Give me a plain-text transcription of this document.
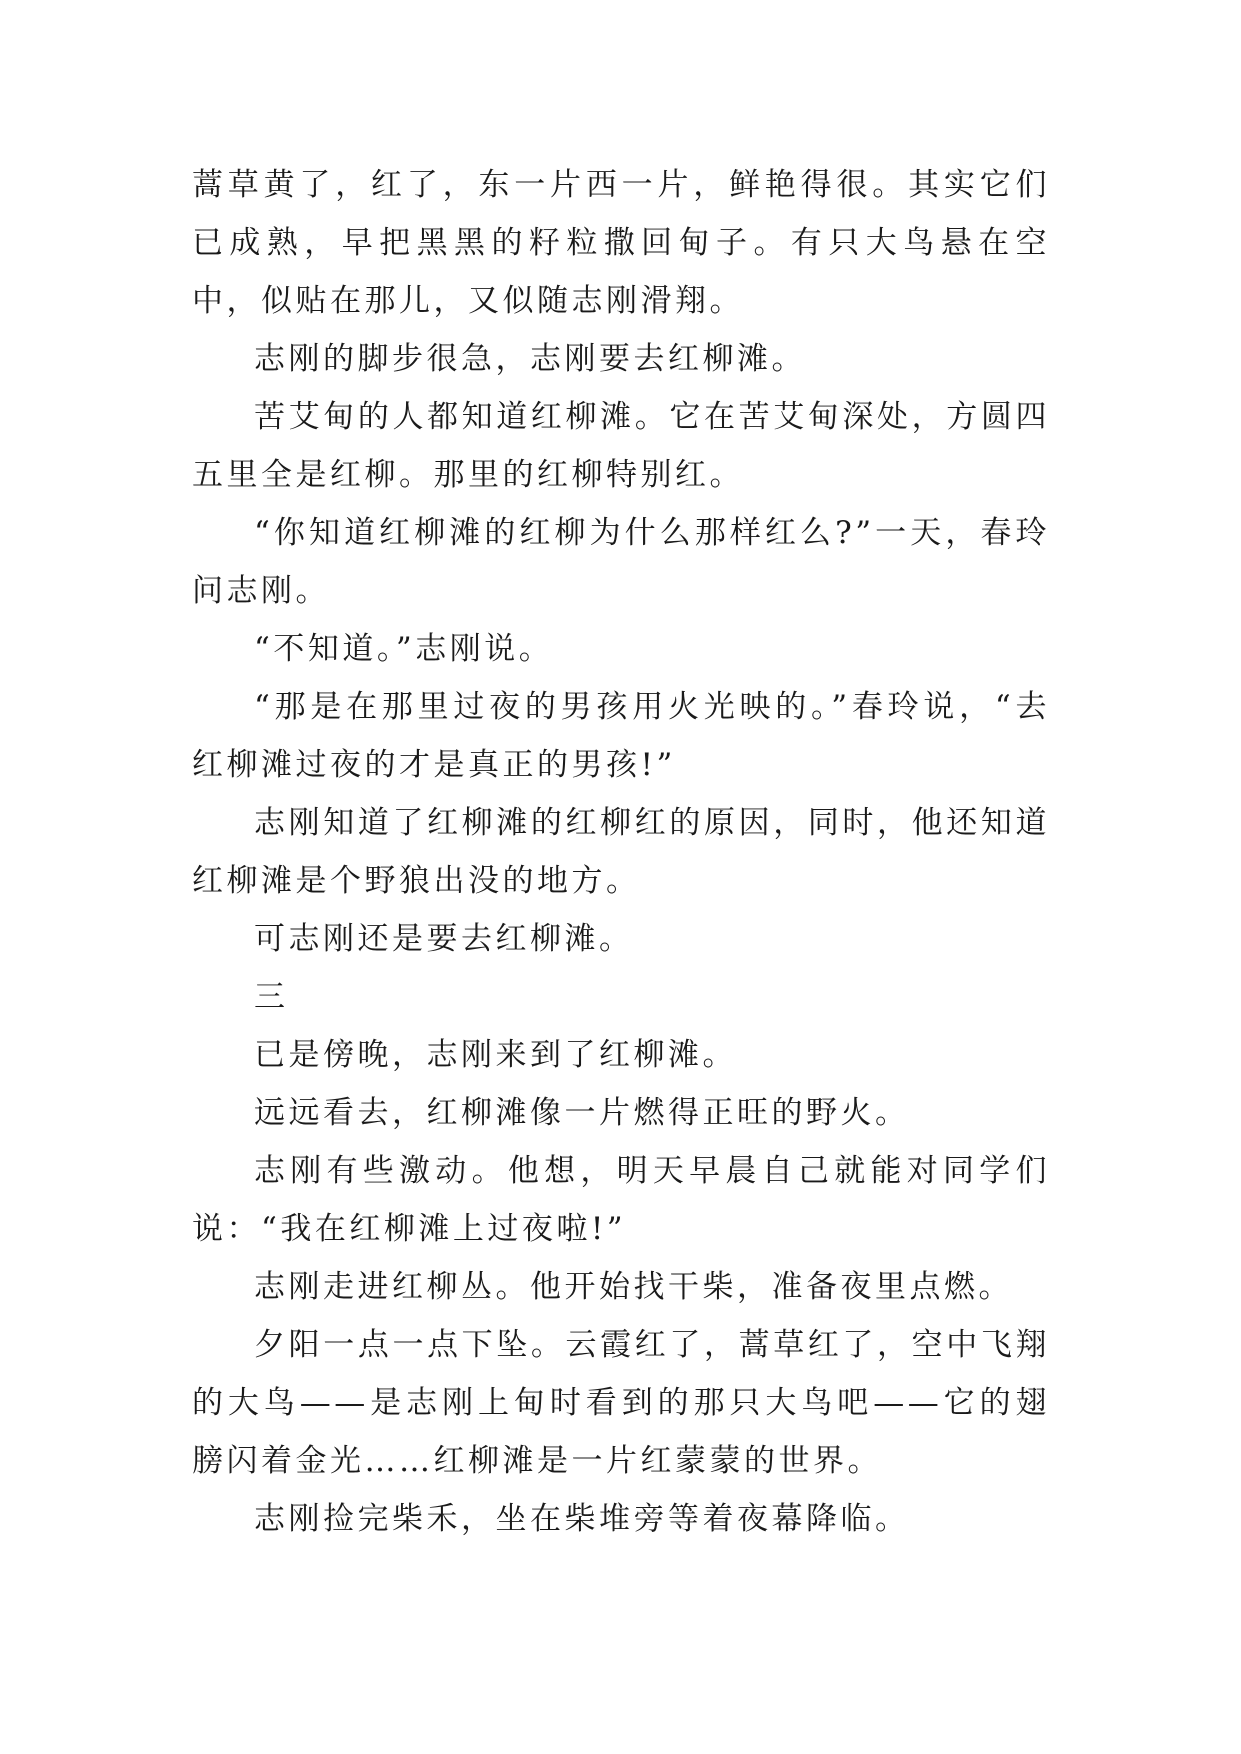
蒿草黄了，红了，东一片西一片，鲜艳得很。其实它们已成熟，早把黑黑的籽粒撒回甸子。有只大鸟悬在空中，似贴在那儿，又似随志刚滑翔。

志刚的脚步很急，志刚要去红柳滩。

苦艾甸的人都知道红柳滩。它在苦艾甸深处，方圆四五里全是红柳。那里的红柳特别红。

“你知道红柳滩的红柳为什么那样红么?”一天，春玲问志刚。

“不知道。”志刚说。

“那是在那里过夜的男孩用火光映的。”春玲说，“去红柳滩过夜的才是真正的男孩!”

志刚知道了红柳滩的红柳红的原因，同时，他还知道红柳滩是个野狼出没的地方。

可志刚还是要去红柳滩。

三

已是傍晚，志刚来到了红柳滩。

远远看去，红柳滩像一片燃得正旺的野火。

志刚有些激动。他想，明天早晨自己就能对同学们说：“我在红柳滩上过夜啦!”

志刚走进红柳丛。他开始找干柴，准备夜里点燃。

夕阳一点一点下坠。云霞红了，蒿草红了，空中飞翔的大鸟——是志刚上甸时看到的那只大鸟吧——它的翅膀闪着金光……红柳滩是一片红蒙蒙的世界。

志刚捡完柴禾，坐在柴堆旁等着夜幕降临。
